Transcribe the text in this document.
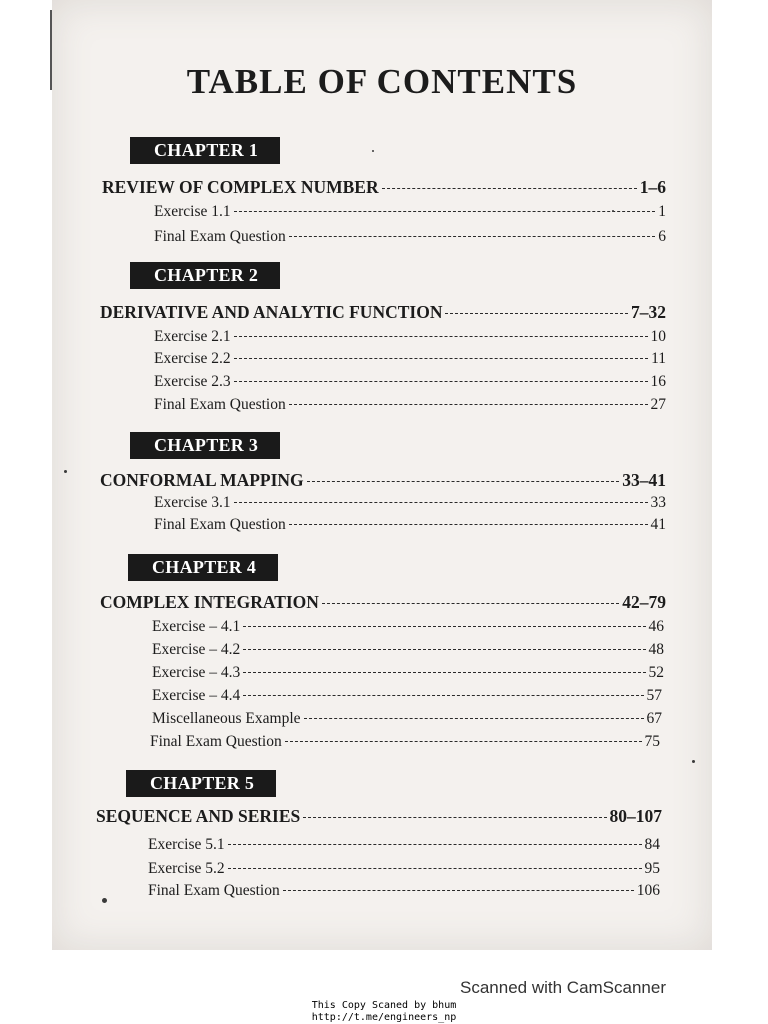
TABLE OF CONTENTS
CHAPTER 1
REVIEW OF COMPLEX NUMBER	1–6
Exercise 1.1	1
Final Exam Question	6
CHAPTER 2
DERIVATIVE AND ANALYTIC FUNCTION	7–32
Exercise 2.1	10
Exercise 2.2	11
Exercise 2.3	16
Final Exam Question	27
CHAPTER 3
CONFORMAL MAPPING	33–41
Exercise 3.1	33
Final Exam Question	41
CHAPTER 4
COMPLEX INTEGRATION	42–79
Exercise – 4.1	46
Exercise – 4.2	48
Exercise – 4.3	52
Exercise – 4.4	57
Miscellaneous Example	67
Final Exam Question	75
CHAPTER 5
SEQUENCE AND SERIES	80–107
Exercise 5.1	84
Exercise 5.2	95
Final Exam Question	106
Scanned with CamScanner
This Copy Scaned by bhum
http://t.me/engineers_np
